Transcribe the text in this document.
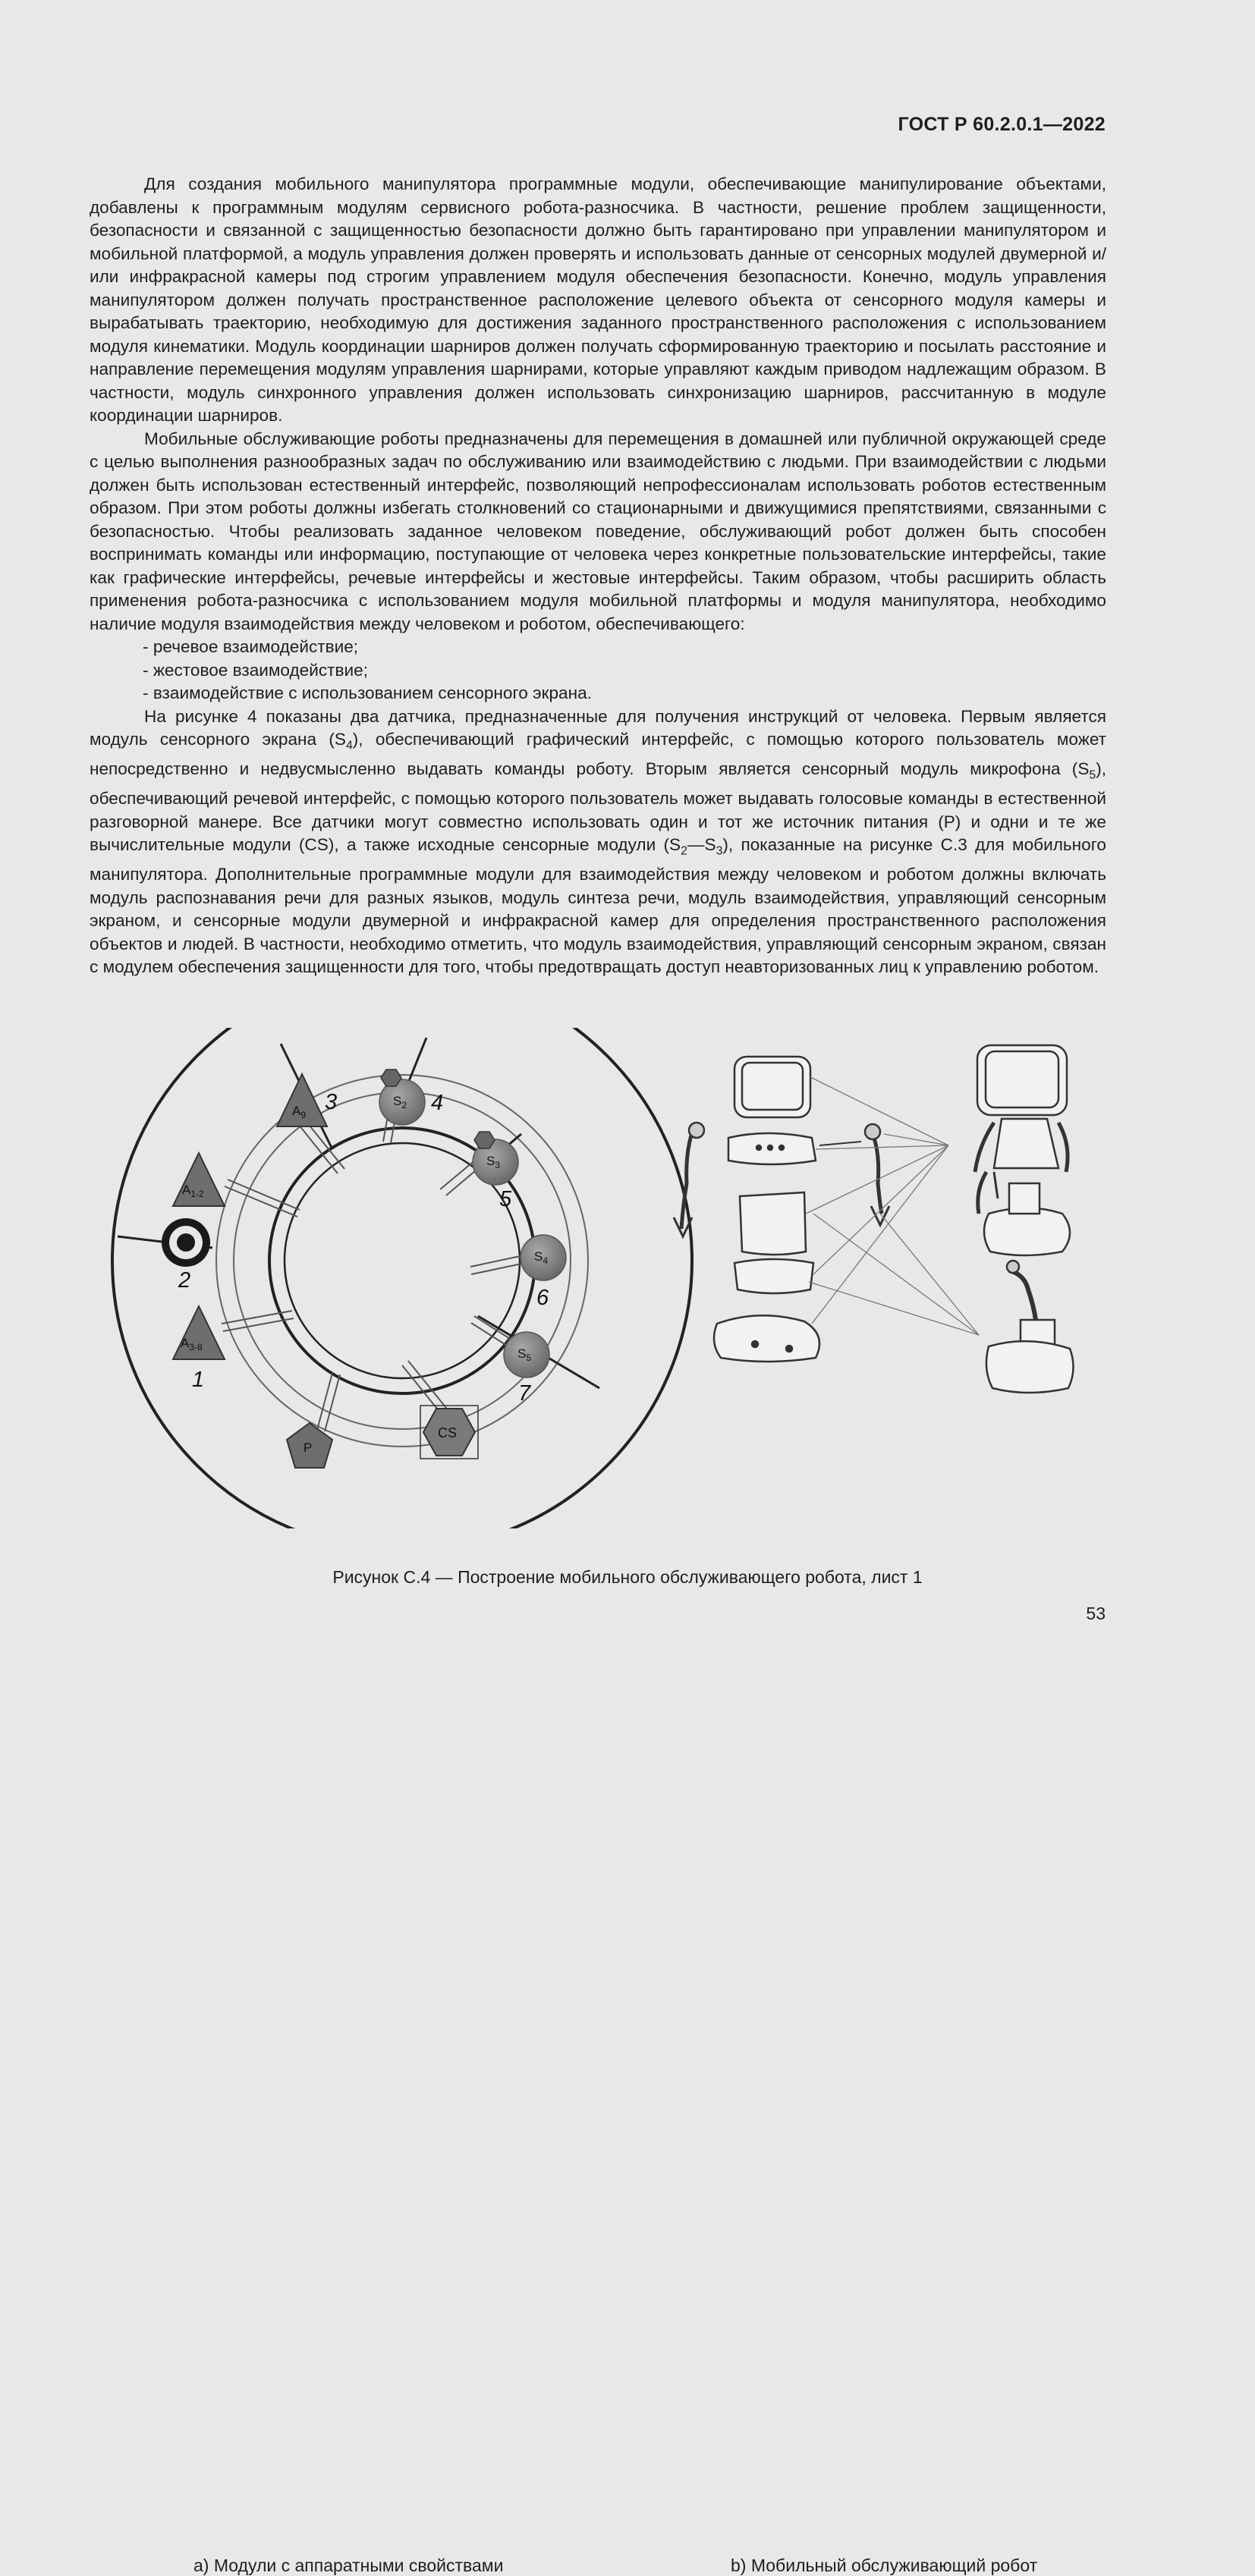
ГОСТ Р 60.2.0.1—2022

Для создания мобильного манипулятора программные модули, обеспечивающие манипулирование объектами, добавлены к программным модулям сервисного робота-разносчика. В частности, решение проблем защищенности, безопасности и связанной с защищенностью безопасности должно быть гарантировано при управлении манипулятором и мобильной платформой, а модуль управления должен проверять и использовать данные от сенсорных модулей двумерной и/или инфракрасной камеры под строгим управлением модуля обеспечения безопасности. Конечно, модуль управления манипулятором должен получать пространственное расположение целевого объекта от сенсорного модуля камеры и вырабатывать траекторию, необходимую для достижения заданного пространственного расположения с использованием модуля кинематики. Модуль координации шарниров должен получать сформированную траекторию и посылать расстояние и направление перемещения модулям управления шарнирами, которые управляют каждым приводом надлежащим образом. В частности, модуль синхронного управления должен использовать синхронизацию шарниров, рассчитанную в модуле координации шарниров.

Мобильные обслуживающие роботы предназначены для перемещения в домашней или публичной окружающей среде с целью выполнения разнообразных задач по обслуживанию или взаимодействию с людьми. При взаимодействии с людьми должен быть использован естественный интерфейс, позволяющий непрофессионалам использовать роботов естественным образом. При этом роботы должны избегать столкновений со стационарными и движущимися препятствиями, связанными с безопасностью. Чтобы реализовать заданное человеком поведение, обслуживающий робот должен быть способен воспринимать команды или информацию, поступающие от человека через конкретные пользовательские интерфейсы, такие как графические интерфейсы, речевые интерфейсы и жестовые интерфейсы. Таким образом, чтобы расширить область применения робота-разносчика с использованием модуля мобильной платформы и модуля манипулятора, необходимо наличие модуля взаимодействия между человеком и роботом, обеспечивающего:

- речевое взаимодействие;
- жестовое взаимодействие;
- взаимодействие с использованием сенсорного экрана.

На рисунке 4 показаны два датчика, предназначенные для получения инструкций от человека. Первым является модуль сенсорного экрана $(S_4)$, обеспечивающий графический интерфейс, с помощью которого пользователь может непосредственно и недвусмысленно выдавать команды роботу. Вторым является сенсорный модуль микрофона $(S_5)$, обеспечивающий речевой интерфейс, с помощью которого пользователь может выдавать голосовые команды в естественной разговорной манере. Все датчики могут совместно использовать один и тот же источник питания (P) и одни и те же вычислительные модули (CS), а также исходные сенсорные модули $(S_2—S_3)$, показанные на рисунке С.3 для мобильного манипулятора. Дополнительные программные модули для взаимодействия между человеком и роботом должны включать модуль распознавания речи для разных языков, модуль синтеза речи, модуль взаимодействия, управляющий сенсорным экраном, и сенсорные модули двумерной и инфракрасной камер для определения пространственного расположения объектов и людей. В частности, необходимо отметить, что модуль взаимодействия, управляющий сенсорным экраном, связан с модулем обеспечения защищенности для того, чтобы предотвращать доступ неавторизованных лиц к управлению роботом.

$A_9$
$A_{1-2}$
$A_{3-8}$
$S_2$
$S_3$
$S_4$
$S_5$
P
CS
1
2
3	4
5
6
7
а) Модули с аппаратными свойствами	b) Мобильный обслуживающий робот
Рисунок С.4 — Построение мобильного обслуживающего робота, лист 1
53
